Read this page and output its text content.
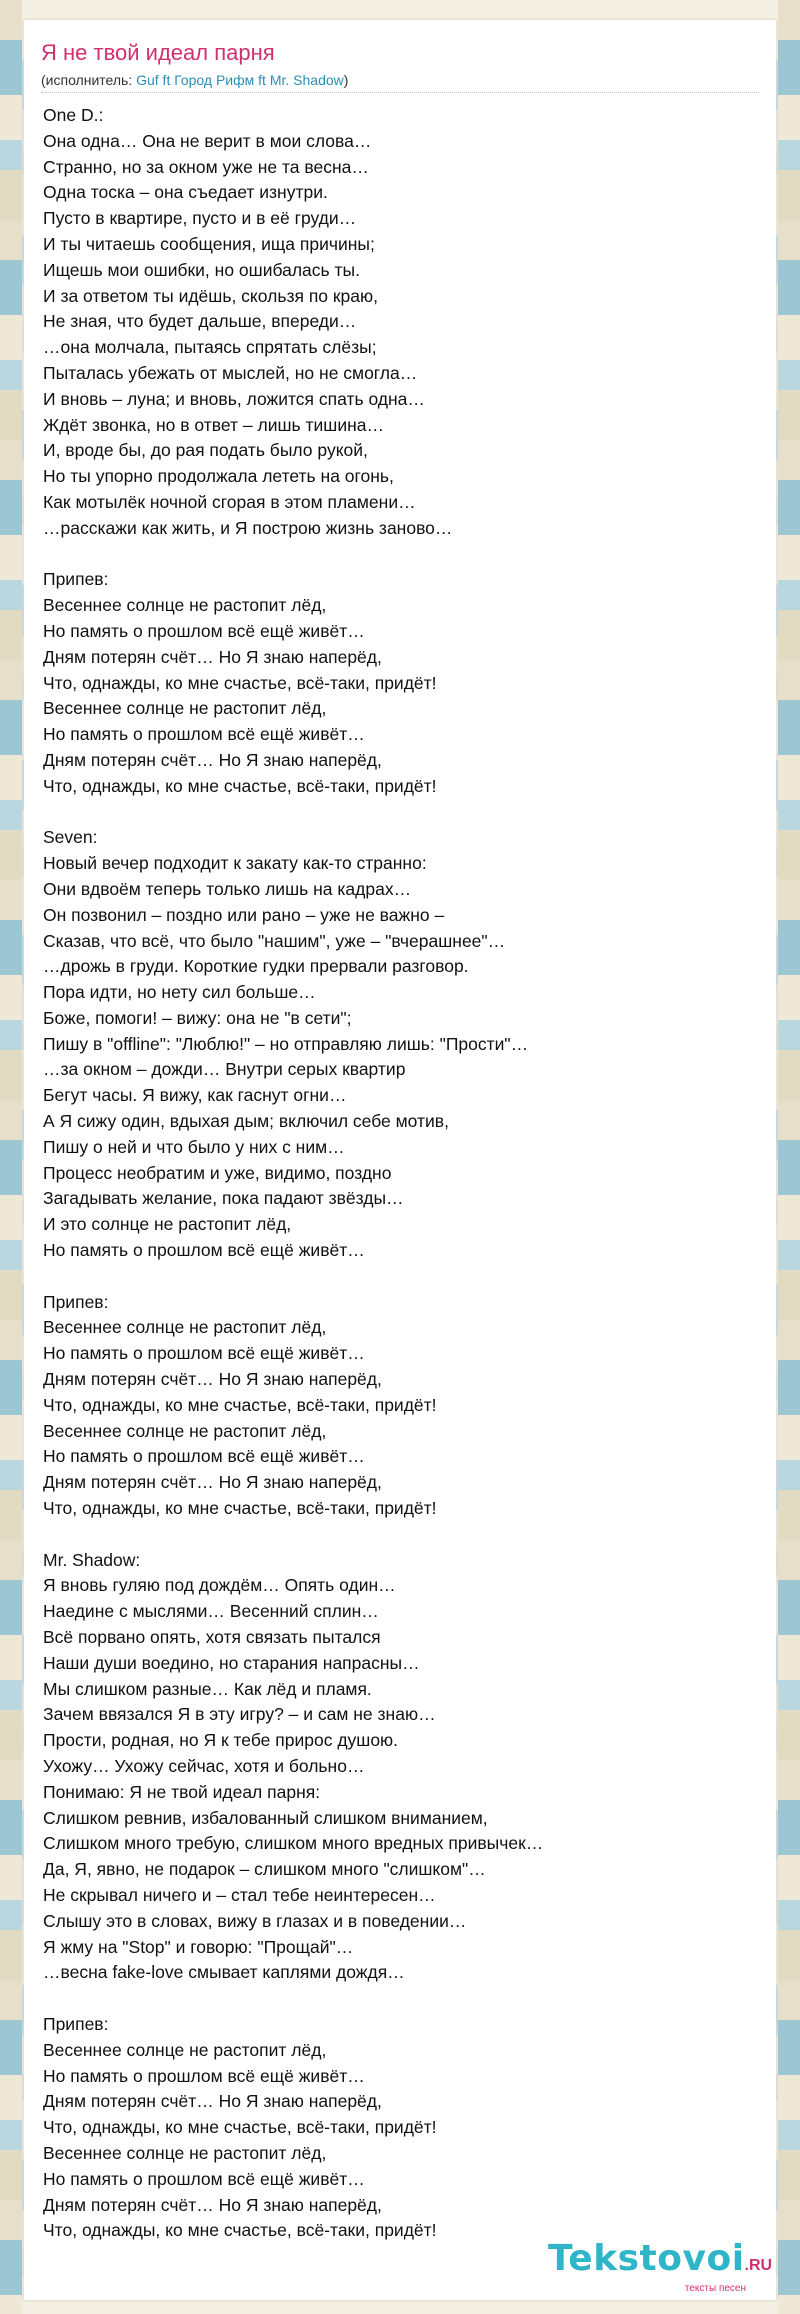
Я не твой идеал парня
(исполнитель: Guf ft Город Рифм ft Mr. Shadow)
One D.:
Она одна… Она не верит в мои слова…
Странно, но за окном уже не та весна…
Одна тоска – она съедает изнутри.
Пусто в квартире, пусто и в её груди…
И ты читаешь сообщения, ища причины;
Ищешь мои ошибки, но ошибалась ты.
И за ответом ты идёшь, скользя по краю,
Не зная, что будет дальше, впереди…
…она молчала, пытаясь спрятать слёзы;
Пыталась убежать от мыслей, но не смогла…
И вновь – луна; и вновь, ложится спать одна…
Ждёт звонка, но в ответ – лишь тишина…
И, вроде бы, до рая подать было рукой,
Но ты упорно продолжала лететь на огонь,
Как мотылёк ночной сгорая в этом пламени…
…расскажи как жить, и Я построю жизнь заново…
Припев:
Весеннее солнце не растопит лёд,
Но память о прошлом всё ещё живёт…
Дням потерян счёт… Но Я знаю наперёд,
Что, однажды, ко мне счастье, всё-таки, придёт!
Весеннее солнце не растопит лёд,
Но память о прошлом всё ещё живёт…
Дням потерян счёт… Но Я знаю наперёд,
Что, однажды, ко мне счастье, всё-таки, придёт!
Seven:
Новый вечер подходит к закату как-то странно:
Они вдвоём теперь только лишь на кадрах…
Он позвонил – поздно или рано – уже не важно –
Сказав, что всё, что было "нашим", уже – "вчерашнее"…
…дрожь в груди. Короткие гудки прервали разговор.
Пора идти, но нету сил больше…
Боже, помоги! – вижу: она не "в сети";
Пишу в "offline": "Люблю!" – но отправляю лишь: "Прости"…
…за окном – дожди… Внутри серых квартир
Бегут часы. Я вижу, как гаснут огни…
А Я сижу один, вдыхая дым; включил себе мотив,
Пишу о ней и что было у них с ним…
Процесс необратим и уже, видимо, поздно
Загадывать желание, пока падают звёзды…
И это солнце не растопит лёд,
Но память о прошлом всё ещё живёт…
Припев:
Весеннее солнце не растопит лёд,
Но память о прошлом всё ещё живёт…
Дням потерян счёт… Но Я знаю наперёд,
Что, однажды, ко мне счастье, всё-таки, придёт!
Весеннее солнце не растопит лёд,
Но память о прошлом всё ещё живёт…
Дням потерян счёт… Но Я знаю наперёд,
Что, однажды, ко мне счастье, всё-таки, придёт!
Mr. Shadow:
Я вновь гуляю под дождём… Опять один…
Наедине с мыслями… Весенний сплин…
Всё порвано опять, хотя связать пытался
Наши души воедино, но старания напрасны…
Мы слишком разные… Как лёд и пламя.
Зачем ввязался Я в эту игру? – и сам не знаю…
Прости, родная, но Я к тебе прирос душою.
Ухожу… Ухожу сейчас, хотя и больно…
Понимаю: Я не твой идеал парня:
Слишком ревнив, избалованный слишком вниманием,
Слишком много требую, слишком много вредных привычек…
Да, Я, явно, не подарок – слишком много "слишком"…
Не скрывал ничего и – стал тебе неинтересен…
Слышу это в словах, вижу в глазах и в поведении…
Я жму на "Stop" и говорю: "Прощай"…
…весна fake-love смывает каплями дождя…
Припев:
Весеннее солнце не растопит лёд,
Но память о прошлом всё ещё живёт…
Дням потерян счёт… Но Я знаю наперёд,
Что, однажды, ко мне счастье, всё-таки, придёт!
Весеннее солнце не растопит лёд,
Но память о прошлом всё ещё живёт…
Дням потерян счёт… Но Я знаю наперёд,
Что, однажды, ко мне счастье, всё-таки, придёт!
Tekstovoi.RU
тексты песен
